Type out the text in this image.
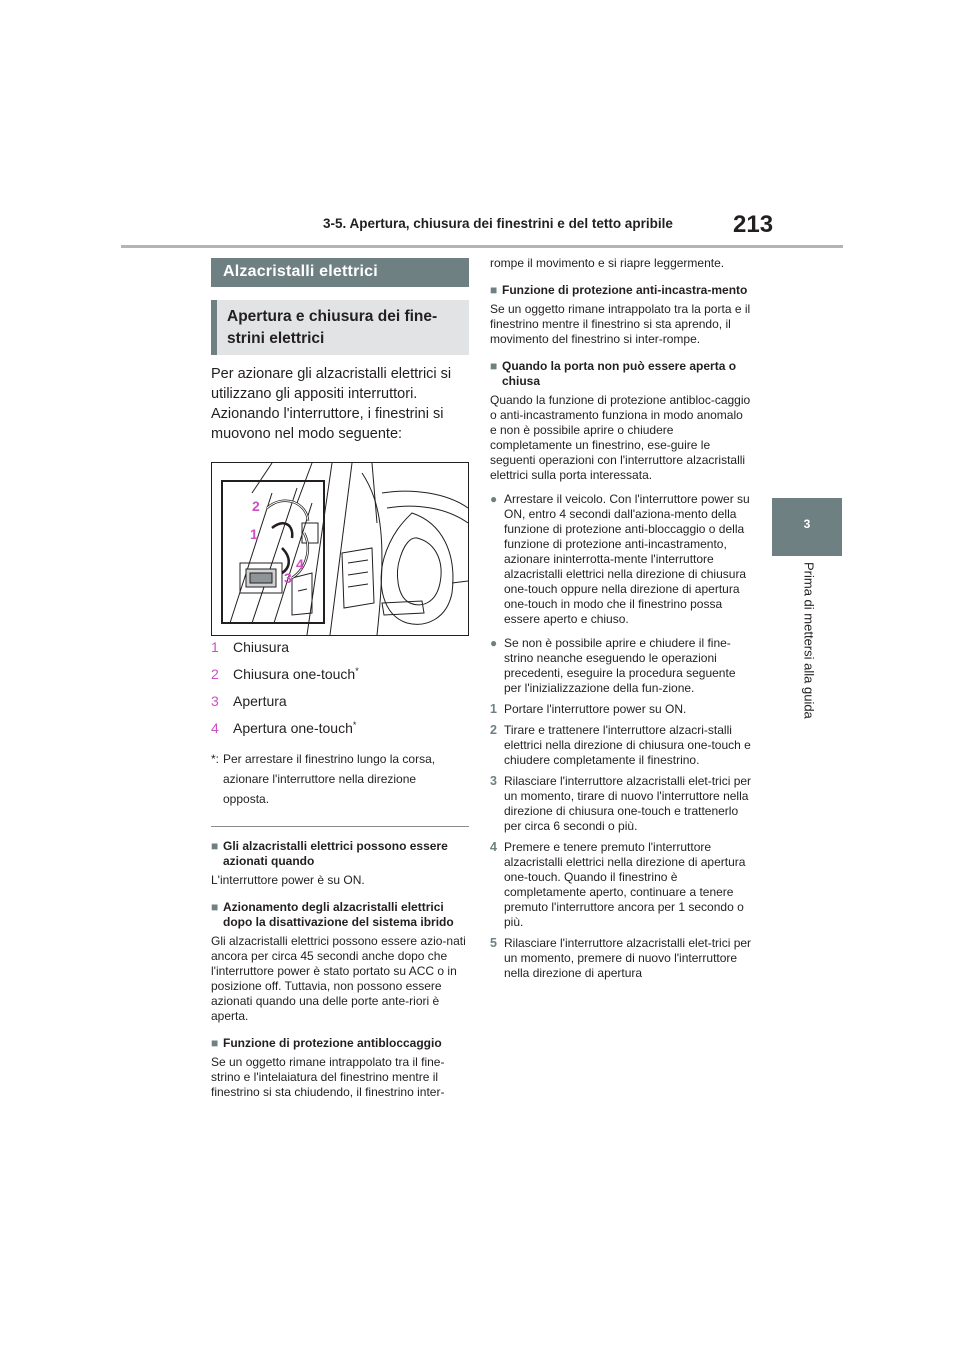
3-5. Apertura, chiusura dei finestrini e del tetto apribile	213
3
Prima di mettersi alla guida
Alzacristalli elettrici
Apertura e chiusura dei fine-strini elettrici
Per azionare gli alzacristalli elettrici si utilizzano gli appositi interruttori. Azionando l'interruttore, i finestrini si muovono nel modo seguente:
2
1
3
4
1	Chiusura
2	Chiusura one-touch*
3	Apertura
4	Apertura one-touch*
*: Per arrestare il finestrino lungo la corsa, azionare l'interruttore nella direzione opposta.
■ Gli alzacristalli elettrici possono essere azionati quando
L'interruttore power è su ON.
■ Azionamento degli alzacristalli elettrici dopo la disattivazione del sistema ibrido
Gli alzacristalli elettrici possono essere azio-nati ancora per circa 45 secondi anche dopo che l'interruttore power è stato portato su ACC o in posizione off. Tuttavia, non possono essere azionati quando una delle porte ante-riori è aperta.
■ Funzione di protezione antibloccaggio
Se un oggetto rimane intrappolato tra il fine-strino e l'intelaiatura del finestrino mentre il finestrino si sta chiudendo, il finestrino inter-
rompe il movimento e si riapre leggermente.
■ Funzione di protezione anti-incastra-mento
Se un oggetto rimane intrappolato tra la porta e il finestrino mentre il finestrino si sta aprendo, il movimento del finestrino si inter-rompe.
■ Quando la porta non può essere aperta o chiusa
Quando la funzione di protezione antibloc-caggio o anti-incastramento funziona in modo anomalo e non è possibile aprire o chiudere completamente un finestrino, ese-guire le seguenti operazioni con l'interruttore alzacristalli elettrici sulla porta interessata.
● Arrestare il veicolo. Con l'interruttore power su ON, entro 4 secondi dall'aziona-mento della funzione di protezione anti-bloccaggio o della funzione di protezione anti-incastramento, azionare ininterrotta-mente l'interruttore alzacristalli elettrici nella direzione di chiusura one-touch oppure nella direzione di apertura one-touch in modo che il finestrino possa essere aperto e chiuso.
● Se non è possibile aprire e chiudere il fine-strino neanche eseguendo le operazioni precedenti, eseguire la procedura seguente per l'inizializzazione della fun-zione.
1 Portare l'interruttore power su ON.
2 Tirare e trattenere l'interruttore alzacri-stalli elettrici nella direzione di chiusura one-touch e chiudere completamente il finestrino.
3 Rilasciare l'interruttore alzacristalli elet-trici per un momento, tirare di nuovo l'interruttore nella direzione di chiusura one-touch e trattenerlo per circa 6 secondi o più.
4 Premere e tenere premuto l'interruttore alzacristalli elettrici nella direzione di apertura one-touch. Quando il finestrino è completamente aperto, continuare a tenere premuto l'interruttore ancora per 1 secondo o più.
5 Rilasciare l'interruttore alzacristalli elet-trici per un momento, premere di nuovo l'interruttore nella direzione di apertura
